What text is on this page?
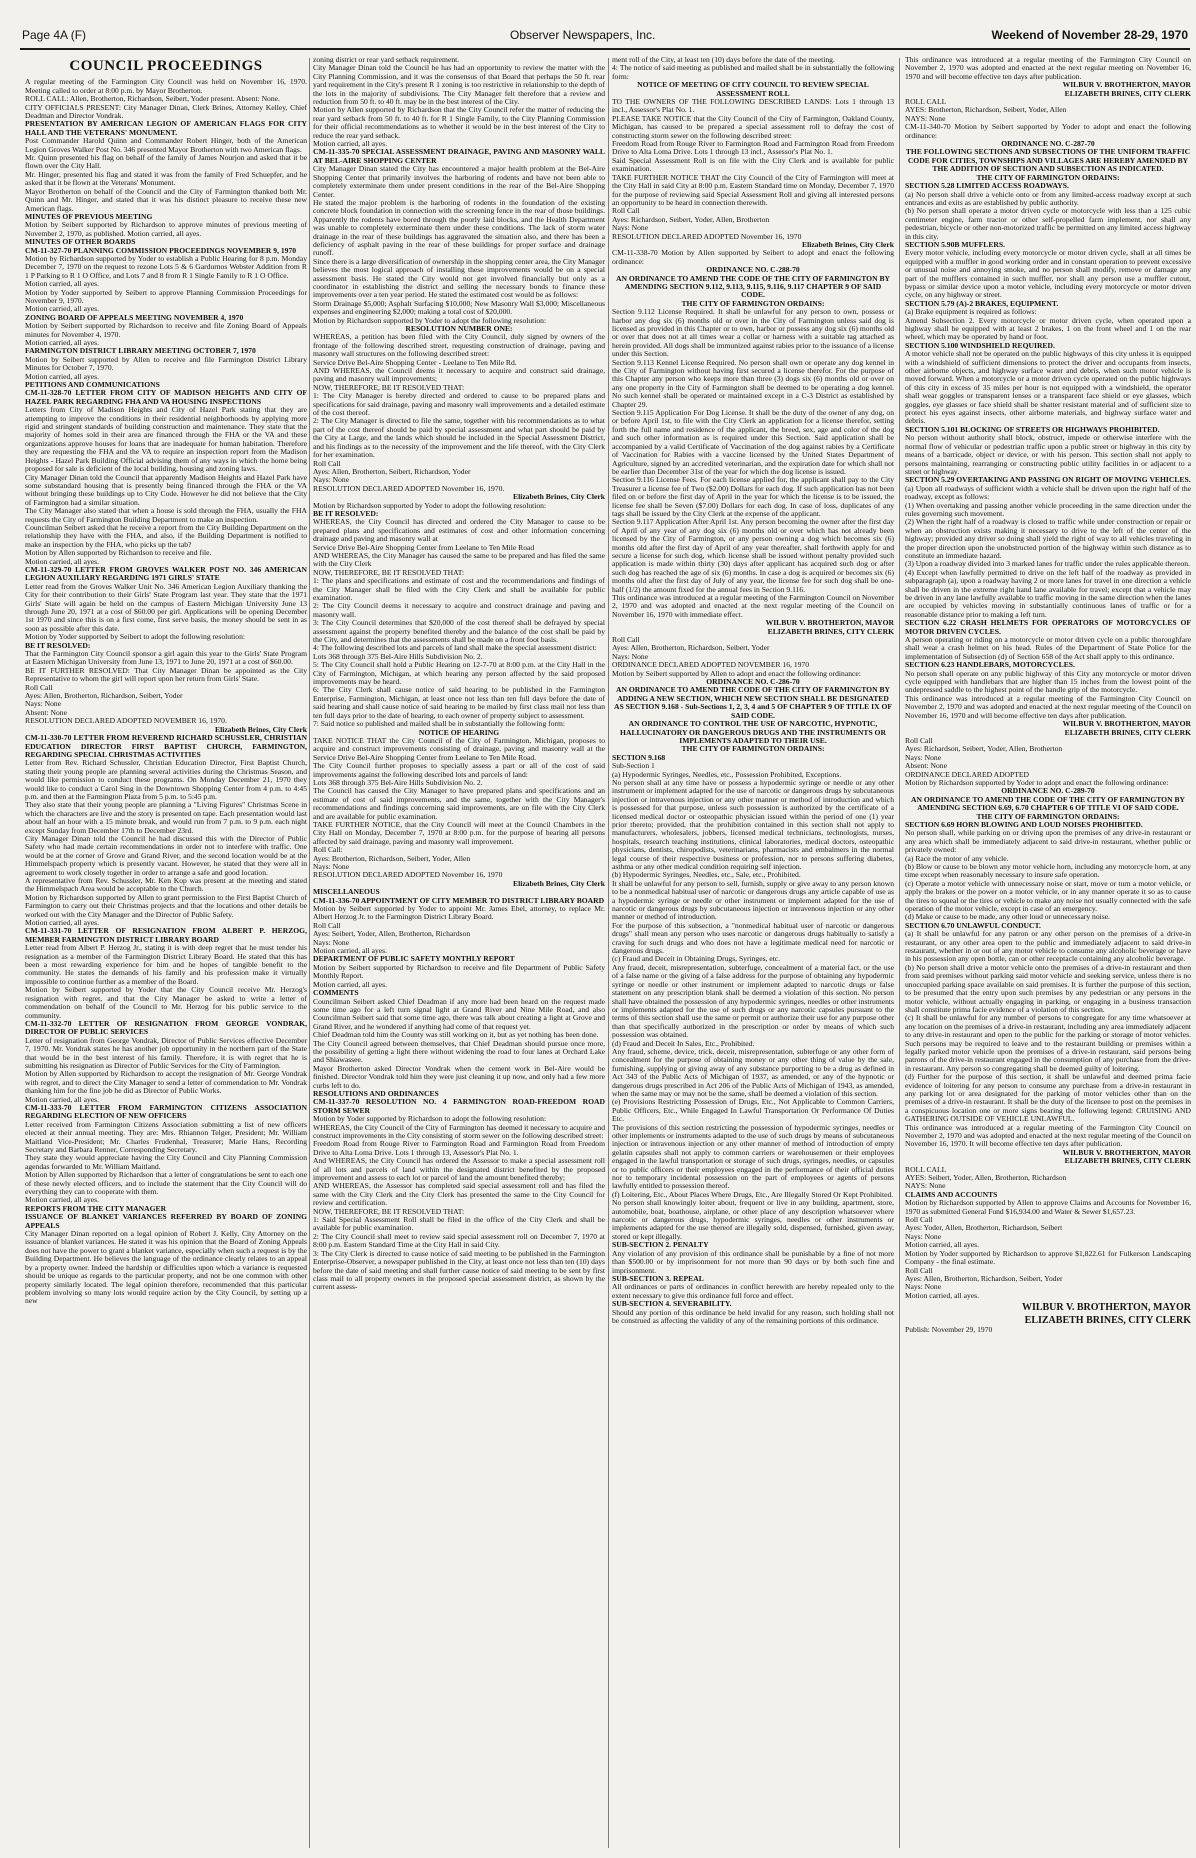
Page 4A (F)	Observer Newspapers, Inc.	Weekend of November 28-29, 1970
COUNCIL PROCEEDINGS

A regular meeting of the Farmington City Council was held on November 16, 1970. Meeting called to order at 8:00 p.m. by Mayor Brotherton.

ROLL CALL: Allen, Brotherton, Richardson, Seibert, Yoder present. Absent: None.

CITY OFFICIALS PRESENT: City Manager Dinan, Clerk Brines, Attorney Kelley, Chief Deadman and Director Vondrak.

PRESENTATION BY AMERICAN LEGION OF AMERICAN FLAGS FOR CITY HALL AND THE VETERANS' MONUMENT.

Post Commander Harold Quinn and Commander Robert Hinger, both of the American Legion Groves Walker Post No. 346 presented Mayor Brotherton with two American flags.

Mr. Quinn presented his flag on behalf of the family of James Nourjon and asked that it be flown over the City Hall.

Mr. Hinger, presented his flag and stated it was from the family of Fred Schuepfer, and he asked that it be flown at the Veterans' Monument.

Mayor Brotherton on behalf of the Council and the City of Farmington thanked both Mr. Quinn and Mr. Hinger, and stated that it was his distinct pleasure to receive these new American flags.

MINUTES OF PREVIOUS MEETING

Motion by Seibert supported by Richardson to approve minutes of previous meeting of November 2, 1970, as published. Motion carried, all ayes.

MINUTES OF OTHER BOARDS

CM-11-327-70 PLANNING COMMISSION PROCEEDINGS NOVEMBER 9, 1970

Motion by Richardson supported by Yoder to establish a Public Hearing for 8 p.m. Monday December 7, 1970 on the request to rezone Lots 5 & 6 Gardurnos Webster Addition from R 1 P Parking to R 1 O Office, and Lots 7 and 8 from R 1 Single Family to R 1 O Office.

Motion carried, all ayes.

Motion by Yoder supported by Seibert to approve Planning Commission Proceedings for November 9, 1970.

Motion carried, all ayes.

ZONING BOARD OF APPEALS MEETING NOVEMBER 4, 1970

Motion by Seibert supported by Richardson to receive and file Zoning Board of Appeals minutes for November 4, 1970.

Motion carried, all ayes.

FARMINGTON DISTRICT LIBRARY MEETING OCTOBER 7, 1970

Motion by Seibert supported by Allen to receive and file Farmington District Library Minutes for October 7, 1970.

Motion carried, all ayes.

PETITIONS AND COMMUNICATIONS

CM-11-328-70 LETTER FROM CITY OF MADISON HEIGHTS AND CITY OF HAZEL PARK REGARDING FHA AND VA HOUSING INSPECTIONS

Letters from City of Madison Heights and City of Hazel Park stating that they are attempting to improve the conditions in their residential neighborhoods by applying more rigid and stringent standards of building construction and maintenance. They state that the majority of homes sold in their area are financed through the FHA or the VA and these organizations approve houses for loans that are inadequate for human habitation. Therefore they are requesting the FHA and the VA to require an inspection report from the Madison Heights - Hazel Park Building Official advising them of any ways in which the home being proposed for sale is deficient of the local building, housing and zoning laws.

City Manager Dinan told the Council that apparently Madison Heights and Hazel Park have some substandard housing that is presently being financed through the FHA or the VA without bringing these buildings up to City Code. However he did not believe that the City of Farmington had a similar situation.

The City Manager also stated that when a house is sold through the FHA, usually the FHA requests the City of Farmington Building Department to make an inspection.

Councilman Seibert asked that he receive a report from the City Building Department on the relationship they have with the FHA, and also, if the Building Department is notified to make an inspection by the FHA, who picks up the tab?

Motion by Allen supported by Richardson to receive and file.

Motion carried, all ayes.

CM-11-329-70 LETTER FROM GROVES WALKER POST NO. 346 AMERICAN LEGION AUXILIARY REGARDING 1971 GIRLS' STATE

Letter read from the Groves Walker Unit No. 346 American Legion Auxiliary thanking the City for their contribution to their Girls' State Program last year. They state that the 1971 Girls' State will again be held on the campus of Eastern Michigan University June 13 through June 20, 1971 at a cost of $60.00 per girl. Applications will be opening December 1st 1970 and since this is on a first come, first serve basis, the money should be sent in as soon as possible after this date.

Motion by Yoder supported by Seibert to adopt the following resolution:

BE IT RESOLVED:

That the Farmington City Council sponsor a girl again this year to the Girls' State Program at Eastern Michigan University from June 13, 1971 to June 20, 1971 at a cost of $60.00.

BE IT FURTHER RESOLVED: That City Manager Dinan be appointed as the City Representative to whom the girl will report upon her return from Girls' State.

Roll Call

Ayes: Allen, Brotherton, Richardson, Seibert, Yoder

Nays: None

Absent: None

RESOLUTION DECLARED ADOPTED NOVEMBER 16, 1970.

Elizabeth Brines, City Clerk

CM-11-330-70 LETTER FROM REVEREND RICHARD SCHUSSLER, CHRISTIAN EDUCATION DIRECTOR FIRST BAPTIST CHURCH, FARMINGTON, REGARDING SPECIAL CHRISTMAS ACTIVITIES

Letter from Rev. Richard Schussler, Christian Education Director, First Baptist Church, stating their young people are planning several activities during the Christmas Season, and would like permission to conduct these programs. On Monday December 21, 1970 they would like to conduct a Carol Sing in the Downtown Shopping Center from 4 p.m. to 4:45 p.m. and then at the Farmington Plaza from 5 p.m. to 5:45 p.m.

They also state that their young people are planning a "Living Figures" Christmas Scene in which the characters are live and the story is presented on tape. Each presentation would last about half an hour with a 15 minute break, and would run from 7 p.m. to 9 p.m. each night except Sunday from December 17th to December 23rd.

City Manager Dinan told the Council he had discussed this with the Director of Public Safety who had made certain recommendations in order not to interfere with traffic. One would be at the corner of Grove and Grand River, and the second location would be at the Himmelspach property which is presently vacant. However, he stated that they were all in agreement to work closely together in order to arrange a safe and good location.

A representative from Rev. Schussler, Mr. Ken Kop was present at the meeting and stated the Himmelspach Area would be acceptable to the Church.

Motion by Richardson supported by Allen to grant permission to the First Baptist Church of Farmington to carry out their Christmas projects and that the locations and other details be worked out with the City Manager and the Director of Public Safety.

Motion carried, all ayes.

CM-11-331-70 LETTER OF RESIGNATION FROM ALBERT P. HERZOG, MEMBER FARMINGTON DISTRICT LIBRARY BOARD

Letter read from Albert P. Herzog Jr., stating it is with deep regret that he must tender his resignation as a member of the Farmington District Library Board. He stated that this has been a most rewarding experience for him and he hopes of tangible benefit to the community. He states the demands of his family and his profession make it virtually impossible to continue further as a member of the Board.

Motion by Seibert supported by Yoder that the City Council receive Mr. Herzog's resignation with regret, and that the City Manager be asked to write a letter of commendation on behalf of the Council to Mr. Herzog for his public service to the community.

CM-11-332-70 LETTER OF RESIGNATION FROM GEORGE VONDRAK, DIRECTOR OF PUBLIC SERVICES

Letter of resignation from George Vondrak, Director of Public Services effective December 7, 1970. Mr. Vondrak states he has another job opportunity in the northern part of the State that would be in the best interest of his family. Therefore, it is with regret that he is submitting his resignation as Director of Public Services for the City of Farmington.

Motion by Allen supported by Richardson to accept the resignation of Mr. George Vondrak with regret, and to direct the City Manager to send a letter of commendation to Mr. Vondrak thanking him for the fine job he did as Director of Public Works.

Motion carried, all ayes.

CM-11-333-70 LETTER FROM FARMINGTON CITIZENS ASSOCIATION REGARDING ELECTION OF NEW OFFICERS

Letter received from Farmington Citizens Association submitting a list of new officers elected at their annual meeting. They are: Mrs. Rhiannon Telger, President; Mr. William Maitland Vice-President; Mr. Charles Frudenhal, Treasurer; Marie Hans, Recording Secretary and Barbara Renner, Corresponding Secretary.

They state they would appreciate having the City Council and City Planning Commission agendas forwarded to Mr. William Maitland.

Motion by Allen supported by Richardson that a letter of congratulations be sent to each one of these newly elected officers, and to include the statement that the City Council will do everything they can to cooperate with them.

Motion carried, all ayes.

REPORTS FROM THE CITY MANAGER

ISSUANCE OF BLANKET VARIANCES REFERRED BY BOARD OF ZONING APPEALS

City Manager Dinan reported on a legal opinion of Robert J. Kelly, City Attorney on the issuance of blanket variances. He stated it was his opinion that the Board of Zoning Appeals does not have the power to grant a blanket variance, especially when such a request is by the Building Department. He believes the language of the ordinance clearly relates to an appeal by a property owner. Indeed the hardship or difficulties upon which a variance is requested should be unique as regards to the particular property, and not be one common with other property similarly located. The legal opinion therefore, recommended that this particular problem involving so many lots would require action by the City Council, by setting up a new

zoning district or rear yard setback requirement.

City Manager Dinan told the Council he has had an opportunity to review the matter with the City Planning Commission, and it was the consensus of that Board that perhaps the 50 ft. rear yard requirement in the City's present R 1 zoning is too restrictive in relationship to the depth of the lots in the majority of subdivisions. The City Manager felt therefore that a review and reduction from 50 ft. to 40 ft. may be in the best interest of the City.

Motion by Allen supported by Richardson that the City Council refer the matter of reducing the rear yard setback from 50 ft. to 40 ft. for R 1 Single Family, to the City Planning Commission for their official recommendations as to whether it would be in the best interest of the City to reduce the rear yard setback.

Motion carried, all ayes.

CM-11-335-70 SPECIAL ASSESSMENT DRAINAGE, PAVING AND MASONRY WALL AT BEL-AIRE SHOPPING CENTER

City Manager Dinan stated the City has encountered a major health problem at the Bel-Aire Shopping Center that primarily involves the harboring of rodents and have not been able to completely exterminate them under present conditions in the rear of the Bel-Aire Shopping Center.

He stated the major problem is the harboring of rodents in the foundation of the existing concrete block foundation in connection with the screening fence in the rear of those buildings. Apparently the rodents have bored through the poorly laid blocks, and the Health Department was unable to completely exterminate them under these conditions. The lack of storm water drainage in the rear of these buildings has aggravated the situation also, and there has been a deficiency of asphalt paving in the rear of these buildings for proper surface and drainage runoff.

Since there is a large diversification of ownership in the shopping center area, the City Manager believes the most logical approach of installing these improvements would be on a special assessment basis. He stated the City would not get involved financially but only as a coordinator in establishing the district and selling the necessary bonds to finance these improvements over a ten year period. He stated the estimated cost would be as follows:

Storm Drainage $5,000; Asphalt Surfacing $10,000; New Masonry Wall $3,000; Miscellaneous expenses and engineering $2,000; making a total cost of $20,000.

Motion by Richardson supported by Yoder to adopt the following resolution:

RESOLUTION NUMBER ONE:

WHEREAS, a petition has been filed with the City Council, duly signed by owners of the frontage of the following described street, requesting construction of drainage, paving and masonry wall structures on the following described street:

Service Drive Bel-Aire Shopping Center - Leelane to Ten Mile Rd.

AND WHEREAS, the Council deems it necessary to acquire and construct said drainage, paving and masonry wall improvements;

NOW, THEREFORE, BE IT RESOLVED THAT:

1: The City Manager is hereby directed and ordered to cause to be prepared plans and specifications for said drainage, paving and masonry wall improvements and a detailed estimate of the cost thereof.

2: The City Manager is directed to file the same, together with his recommendations as to what part of the cost thereof should be paid by special assessment and what part should be paid by the City at Large, and the lands which should be included in the Special Assessment District, and his findings as to the necessity of the improvement and the life thereof, with the City Clerk for her examination.

Roll Call

Ayes: Allen, Brotherton, Seibert, Richardson, Yoder

Nays: None

RESOLUTION DECLARED ADOPTED November 16, 1970.

Elizabeth Brines, City Clerk

Motion by Richardson supported by Yoder to adopt the following resolution:

BE IT RESOLVED:

WHEREAS, the City Council has directed and ordered the City Manager to cause to be prepared plans and specifications and estimates of cost and other information concerning drainage and paving and masonry wall at

Service Drive Bel-Aire Shopping Center from Leelane to Ten Mile Road

AND WHEREAS, the City Manager has caused the same to be prepared and has filed the same with the City Clerk

NOW, THEREFORE, BE IT RESOLVED THAT:

1: The plans and specifications and estimate of cost and the recommendations and findings of the City Manager shall be filed with the City Clerk and shall be available for public examination.

2: The City Council deems it necessary to acquire and construct drainage and paving and masonry wall.

3: The City Council determines that $20,000 of the cost thereof shall be defrayed by special assessment against the property benefited thereby and the balance of the cost shall be paid by the City, and determines that the assessments shall be made on a front foot basis.

4: The following described lots and parcels of land shall make the special assessment district:

Lots 368 through 375 Bel-Aire Hills Subdivision No. 2.

5: The City Council shall hold a Public Hearing on 12-7-70 at 8:00 p.m. at the City Hall in the City of Farmington, Michigan, at which hearing any person affected by the said proposed improvements may be heard.

6: The City Clerk shall cause notice of said hearing to be published in the Farmington Enterprise, Farmington, Michigan, at least once not less than ten full days before the date of said hearing and shall cause notice of said hearing to be mailed by first class mail not less than ten full days prior to the date of hearing, to each owner of property subject to assessment.

7: Said notice so published and mailed shall be in substantially the following form:

NOTICE OF HEARING

TAKE NOTICE THAT the City Council of the City of Farmington, Michigan, proposes to acquire and construct improvements consisting of drainage, paving and masonry wall at the Service Drive Bel-Aire Shopping Center from Leelane to Ten Mile Road.

The City Council further proposes to specially assess a part or all of the cost of said improvements against the following described lots and parcels of land:

Lots 368 through 375 Bel-Aire Hills Subdivision No. 2.

The Council has caused the City Manager to have prepared plans and specifications and an estimate of cost of said improvements, and the same, together with the City Manager's recommendations and findings concerning said improvements, are on file with the City Clerk and are available for public examination.

TAKE FURTHER NOTICE, that the City Council will meet at the Council Chambers in the City Hall on Monday, December 7, 1970 at 8:00 p.m. for the purpose of hearing all persons affected by said drainage, paving and masonry wall improvement.

Roll Call:

Ayes: Brotherton, Richardson, Seibert, Yoder, Allen

Nays: None

RESOLUTION DECLARED ADOPTED November 16, 1970

Elizabeth Brines, City Clerk

MISCELLANEOUS

CM-11-336-70 APPOINTMENT OF CITY MEMBER TO DISTRICT LIBRARY BOARD

Motion by Seibert supported by Yoder to appoint Mr. James Ebel, attorney, to replace Mr. Albert Herzog Jr. to the Farmington District Library Board.

Roll Call

Ayes: Seibert, Yoder, Allen, Brotherton, Richardson

Nays: None

Motion carried, all ayes.

DEPARTMENT OF PUBLIC SAFETY MONTHLY REPORT

Motion by Seibert supported by Richardson to receive and file Department of Public Safety Monthly Report.

Motion carried, all ayes.

COMMENTS

Councilman Seibert asked Chief Deadman if any more had been heard on the request made some time ago for a left turn signal light at Grand River and Nine Mile Road, and also Councilman Seibert said that some time ago, there was talk about creating a light at Grove and Grand River, and he wondered if anything had come of that request yet.

Chief Deadman told him the County was still working on it, but as yet nothing has been done.

The City Council agreed between themselves, that Chief Deadman should pursue once more, the possibility of getting a light there without widening the road to four lanes at Orchard Lake and Shiawassee.

Mayor Brotherton asked Director Vondrak when the cement work in Bel-Aire would be finished. Director Vondrak told him they were just cleaning it up now, and only had a few more curbs left to do.

RESOLUTIONS AND ORDINANCES

CM-11-337-70 RESOLUTION NO. 4 FARMINGTON ROAD-FREEDOM ROAD STORM SEWER

Motion by Yoder supported by Richardson to adopt the following resolution:

WHEREAS, the City Council of the City of Farmington has deemed it necessary to acquire and construct improvements in the City consisting of storm sewer on the following described street:

Freedom Road from Rouge River to Farmington Road and Farmington Road from Freedom Drive to Alta Loma Drive. Lots 1 through 13, Assessor's Plat No. 1.

And WHEREAS, the City Council has ordered the Assessor to make a special assessment roll of all lots and parcels of land within the designated district benefited by the proposed improvement and assess to each lot or parcel of land the amount benefited thereby;

AND WHEREAS, the Assessor has completed said special assessment roll and has filed the same with the City Clerk and the City Clerk has presented the same to the City Council for review and certification.

NOW, THEREFORE, BE IT RESOLVED THAT:

1: Said Special Assessment Roll shall be filed in the office of the City Clerk and shall be available for public examination.

2: The City Council shall meet to review said special assessment roll on December 7, 1970 at 8:00 p.m. Eastern Standard Time at the City Hall in said City.

3: The City Clerk is directed to cause notice of said meeting to be published in the Farmington Enterprise-Observer, a newspaper published in the City, at least once not less than ten (10) days before the date of said meeting and shall further cause notice of said meeting to be sent by first class mail to all property owners in the proposed special assessment district, as shown by the current assess-

ment roll of the City, at least ten (10) days before the date of the meeting.

4: The notice of said meeting as published and mailed shall be in substantially the following form:

NOTICE OF MEETING OF CITY COUNCIL TO REVIEW SPECIAL ASSESSMENT ROLL

TO THE OWNERS OF THE FOLLOWING DESCRIBED LANDS: Lots 1 through 13 incl., Assessor's Plat No. 1.

PLEASE TAKE NOTICE that the City Council of the City of Farmington, Oakland County, Michigan, has caused to be prepared a special assessment roll to defray the cost of constructing storm sewer on the following described street:

Freedom Road from Rouge River to Farmington Road and Farmington Road from Freedom Drive to Alta Loma Drive. Lots 1 through 13 incl., Assessor's Plat No. 1.

Said Special Assessment Roll is on file with the City Clerk and is available for public examination.

TAKE FURTHER NOTICE THAT the City Council of the City of Farmington will meet at the City Hall in said City at 8:00 p.m. Eastern Standard time on Monday, December 7, 1970 for the purpose of reviewing said Special Assessment Roll and giving all interested persons an opportunity to be heard in connection therewith.

Roll Call

Ayes: Richardson, Seibert, Yoder, Allen, Brotherton

Nays: None

RESOLUTION DECLARED ADOPTED November 16, 1970

Elizabeth Brines, City Clerk

CM-11-338-70 Motion by Allen supported by Seibert to adopt and enact the following ordinance:

ORDINANCE NO. C-288-70

AN ORDINANCE TO AMEND THE CODE OF THE CITY OF FARMINGTON BY AMENDING SECTION 9.112, 9.113, 9.115, 9.116, 9.117 CHAPTER 9 OF SAID CODE.

THE CITY OF FARMINGTON ORDAINS:

Section 9.112 License Required. It shall be unlawful for any person to own, possess or harbor any dog six (6) months old or over in the City of Farmington unless said dog is licensed as provided in this Chapter or to own, harbor or possess any dog six (6) months old or over that does not at all times wear a collar or harness with a suitable tag attached as herein provided. All dogs shall be immunized against rabies prior to the issuance of a license under this Section.

Section 9.113 Kennel License Required. No person shall own or operate any dog kennel in the City of Farmington without having first secured a license therefor. For the purpose of this Chapter any person who keeps more than three (3) dogs six (6) months old or over on any one property in the City of Farmington shall be deemed to be operating a dog kennel. No such kennel shall be operated or maintained except in a C-3 District as established by Chapter 29.

Section 9.115 Application For Dog License. It shall be the duty of the owner of any dog, on or before April 1st, to file with the City Clerk an application for a license therefor, setting forth the full name and residence of the applicant, the breed, sex, age and color of the dog and such other information as is required under this Section. Said application shall be accompanied by a valid Certificate of Vaccination of the dog against rabies by a Certificate of Vaccination for Rabies with a vaccine licensed by the United States Department of Agriculture, signed by an accredited veterinarian, and the expiration date for which shall not be earlier than December 31st of the year for which the dog license is issued.

Section 9.116 License Fees. For each license applied for, the applicant shall pay to the City Treasurer a license fee of Two ($2.00) Dollars for each dog. If such application has not been filed on or before the first day of April in the year for which the license is to be issued, the license fee shall be Seven ($7.00) Dollars for each dog. In case of loss, duplicates of any tags shall be issued by the City Clerk at the expense of the applicant.

Section 9.117 Application After April 1st. Any person becoming the owner after the first day of April of any year of any dog six (6) months old or over which has not already been licensed by the City of Farmington, or any person owning a dog which becomes six (6) months old after the first day of April of any year thereafter, shall forthwith apply for and secure a license for such dog, which license shall be issued without penalty provided such application is made within thirty (30) days after applicant has acquired such dog or after such dog has reached the age of six (6) months. In case a dog is acquired or becomes six (6) months old after the first day of July of any year, the license fee for such dog shall be one-half (1/2) the amount fixed for the annual fees in Section 9.116.

This ordinance was introduced at a regular meeting of the Farmington Council on November 2, 1970 and was adopted and enacted at the next regular meeting of the Council on November 16, 1970 with immediate effect.

WILBUR V. BROTHERTON, MAYOR

ELIZABETH BRINES, CITY CLERK

Roll Call

Ayes: Allen, Brotherton, Richardson, Seibert, Yoder

Nays: None

ORDINANCE DECLARED ADOPTED NOVEMBER 16, 1970

Motion by Seibert supported by Allen to adopt and enact the following ordinance:

ORDINANCE NO. C-286-70

AN ORDINANCE TO AMEND THE CODE OF THE CITY OF FARMINGTON BY ADDING A NEW SECTION, WHICH NEW SECTION SHALL BE DESIGNATED AS SECTION 9.168 - Sub-Sections 1, 2, 3, 4 and 5 OF CHAPTER 9 OF TITLE IX OF SAID CODE.

AN ORDINANCE TO CONTROL THE USE OF NARCOTIC, HYPNOTIC, HALLUCINATORY OR DANGEROUS DRUGS AND THE INSTRUMENTS OR IMPLEMENTS ADAPTED TO THEIR USE.

THE CITY OF FARMINGTON ORDAINS:

SECTION 9.168

Sub-Section 1

(a) Hypodermic Syringes, Needles, etc., Possession Prohibited, Exceptions.

No person shall at any time have or possess a hypodermic syringe or needle or any other instrument or implement adapted for the use of narcotic or dangerous drugs by subcutaneous injection or intravenous injection or any other manner or method of introduction and which is possessed for that purpose, unless such possession is authorized by the certificate of a licensed medical doctor or osteopathic physician issued within the period of one (1) year prior thereto; provided, that the prohibition contained in this section shall not apply to manufacturers, wholesalers, jobbers, licensed medical technicians, technologists, nurses, hospitals, research teaching institutions, clinical laboratories, medical doctors, osteopathic physicians, dentists, chiropodists, veterinarians, pharmacists and embalmers in the normal legal course of their respective business or profession, nor to persons suffering diabetes, asthma or any other medical condition requiring self injection.

(b) Hypodermic Syringes, Needles, etc., Sale, etc., Prohibited.

It shall be unlawful for any person to sell, furnish, supply or give away to any person known to be a nonmedical habitual user of narcotic or dangerous drugs any article capable of use as a hypodermic syringe or needle or other instrument or implement adapted for the use of narcotic or dangerous drugs by subcutaneous injection or intravenous injection or any other manner or method of introduction.

For the purpose of this subsection, a "nonmedical habitual user of narcotic or dangerous drugs" shall mean any person who uses narcotic or dangerous drugs habitually to satisfy a craving for such drugs and who does not have a legitimate medical need for narcotic or dangerous drugs.

(c) Fraud and Deceit in Obtaining Drugs, Syringes, etc.

Any fraud, deceit, misrepresentation, subterfuge, concealment of a material fact, or the use of a false name or the giving of a false address for the purpose of obtaining any hypodermic syringe or needle or other instrument or implement adapted to narcotic drugs or false statement on any prescription blank shall be deemed a violation of this section. No person shall have obtained the possession of any hypodermic syringes, needles or other instruments or implements adapted for the use of such drugs or any narcotic capsules pursuant to the terms of this section shall use the same or permit or authorize their use for any purpose other than that specifically authorized in the prescription or order by means of which such possession was obtained.

(d) Fraud and Deceit In Sales, Etc., Prohibited.

Any fraud, scheme, device, trick, deceit, misrepresentation, subterfuge or any other form of concealment for the purpose of obtaining money or any other thing of value by the sale, furnishing, supplying or giving away of any substance purporting to be a drug as defined in Act 343 of the Public Acts of Michigan of 1937, as amended, or any of the hypnotic or dangerous drugs prescribed in Act 206 of the Public Acts of Michigan of 1943, as amended, when the same may or may not be the same, shall be deemed a violation of this section.

(e) Provisions Restricting Possession of Drugs, Etc., Not Applicable to Common Carriers, Public Officers, Etc., While Engaged In Lawful Transportation Or Performance Of Duties Etc.

The provisions of this section restricting the possession of hypodermic syringes, needles or other implements or instruments adapted to the use of such drugs by means of subcutaneous injection or intravenous injection or any other manner of method of introduction of empty gelatin capsules shall not apply to common carriers or warehousemen or their employees engaged in the lawful transportation or storage of such drugs, syringes, needles, or capsules or to public officers or their employees engaged in the performance of their official duties nor to temporary incidental possession on the part of employees or agents of persons lawfully entitled to possession thereof.

(f) Loitering, Etc., About Places Where Drugs, Etc., Are Illegally Stored Or Kept Prohibited.

No person shall knowingly loiter about, frequent or live in any building, apartment, store, automobile, boat, boathouse, airplane, or other place of any description whatsoever where narcotic or dangerous drugs, hypodermic syringes, needles or other instruments or implements adapted for the use thereof are illegally sold, dispensed, furnished, given away, stored or kept illegally.

SUB-SECTION 2. PENALTY

Any violation of any provision of this ordinance shall be punishable by a fine of not more than $500.00 or by imprisonment for not more than 90 days or by both such fine and imprisonment.

SUB-SECTION 3. REPEAL

All ordinances or parts of ordinances in conflict herewith are hereby repealed only to the extent necessary to give this ordinance full force and effect.

SUB-SECTION 4. SEVERABILITY.

Should any portion of this ordinance be held invalid for any reason, such holding shall not be construed as affecting the validity of any of the remaining portions of this ordinance.

This ordinance was introduced at a regular meeting of the Farmington City Council on November 2, 1970 was adopted and enacted at the next regular meeting on November 16, 1970 and will become effective ten days after publication.

WILBUR V. BROTHERTON, MAYOR

ELIZABETH BRINES, CITY CLERK

ROLL CALL

AYES: Brotherton, Richardson, Seibert, Yoder, Allen

NAYS: None

CM-11-340-70 Motion by Seibert supported by Yoder to adopt and enact the following ordinance:

ORDINANCE NO. C-287-70

THE FOLLOWING SECTIONS AND SUBSECTIONS OF THE UNIFORM TRAFFIC CODE FOR CITIES, TOWNSHIPS AND VILLAGES ARE HEREBY AMENDED BY THE ADDITION OF SECTION AND SUBSECTION AS INDICATED.

THE CITY OF FARMINGTON ORDAINS:

SECTION 5.28 LIMITED ACCESS ROADWAYS.

(a) No person shall drive a vehicle onto or from any limited-access roadway except at such entrances and exits as are established by public authority.

(b) No person shall operate a motor driven cycle or motorcycle with less than a 125 cubic centimeter engine, farm tractor or other self-propelled farm implement, nor shall any pedestrian, bicycle or other non-motorized traffic be permitted on any limited access highway in this city.

SECTION 5.90B MUFFLERS.

Every motor vehicle, including every motorcycle or motor driven cycle, shall at all times be equipped with a muffler in good working order and in constant operation to prevent excessive or unusual noise and annoying smoke, and no person shall modify, remove or damage any part of the mufflers contained in such muffler, nor shall any person use a muffler cutout, bypass or similar device upon a motor vehicle, including every motorcycle or motor driven cycle, on any highway or street.

SECTION 5.79 (A)-2 BRAKES, EQUIPMENT.

(a) Brake equipment is required as follows:

Amend Subsection 2. Every motorcycle or motor driven cycle, when operated upon a highway shall be equipped with at least 2 brakes, 1 on the front wheel and 1 on the rear wheel, which may be operated by hand or foot.

SECTION 5.100 WINDSHIELD REQUIRED.

A motor vehicle shall not be operated on the public highways of this city unless it is equipped with a windshield of sufficient dimensions to protect the driver and occupants from insects, other airborne objects, and highway surface water and debris, when such motor vehicle is moved forward. When a motorcycle or a motor driven cycle operated on the public highways of this city in excess of 35 miles per hour is not equipped with a windshield, the operator shall wear goggles or transparent lenses or a transparent face shield or eye glasses, which goggles, eye glasses or face shield shall be shatter resistant material and of sufficient size to protect his eyes against insects, other airborne materials, and highway surface water and debris.

SECTION 5.101 BLOCKING OF STREETS OR HIGHWAYS PROHIBITED.

No person without authority shall block, obstruct, impede or otherwise interfere with the normal flow of vehicular or pedestrian traffic upon a public street or highway in this city by means of a barricade, object or device, or with his person. This section shall not apply to persons maintaining, rearranging or constructing public utility facilities in or adjacent to a street or highway.

SECTION 5.29 OVERTAKING AND PASSING ON RIGHT OF MOVING VEHICLES.

(a) Upon all roadways of sufficient width a vehicle shall be driven upon the right half of the roadway, except as follows:

(1) When overtaking and passing another vehicle proceeding in the same direction under the rules governing such movement.

(2) When the right half of a roadway is closed to traffic while under construction or repair or when an obstruction exists making it necessary to drive to the left of the center of the highway; provided any driver so doing shall yield the right of way to all vehicles traveling in the proper direction upon the unobstructed portion of the highway within such distance as to constitute an immediate hazard.

(3) Upon a roadway divided into 3 marked lanes for traffic under the rules applicable thereon.

(4) Except when lawfully permitted to drive on the left half of the roadway as provided in subparagraph (a), upon a roadway having 2 or more lanes for travel in one direction a vehicle shall be driven in the extreme right hand lane available for travel; except that a vehicle may be driven in any lane lawfully available to traffic moving in the same direction when the lanes are occupied by vehicles moving in substantially continuous lanes of traffic or for a reasonable distance prior to making a left turn.

SECTION 6.22 CRASH HELMETS FOR OPERATORS OF MOTORCYCLES OF MOTOR DRIVEN CYCLES.

A person operating or riding on a motorcycle or motor driven cycle on a public thoroughfare shall wear a crash helmet on his head. Rules of the Department of State Police for the implementation of Subsection (d) of Section 658 of the Act shall apply to this ordinance.

SECTION 6.23 HANDLEBARS, MOTORCYCLES.

No person shall operate on any public highway of this City any motorcycle or motor driven cycle equipped with handlebars that are higher than 15 inches from the lowest point of the undepressed saddle to the highest point of the handle grip of the motorcycle.

This ordinance was introduced at a regular meeting of the Farmington City Council on November 2, 1970 and was adopted and enacted at the next regular meeting of the Council on November 16, 1970 and will become effective ten days after publication.

WILBUR V. BROTHERTON, MAYOR

ELIZABETH BRINES, CITY CLERK

Roll Call

Ayes: Richardson, Seibert, Yoder, Allen, Brotherton

Nays: None

Absent: None

ORDINANCE DECLARED ADOPTED

Motion by Richardson supported by Yoder to adopt and enact the following ordinance:

ORDINANCE NO. C-289-70

AN ORDINANCE TO AMEND THE CODE OF THE CITY OF FARMINGTON BY AMENDING SECTION 6.69, 6.70 CHAPTER 6 OF TITLE VI OF SAID CODE.

THE CITY OF FARMINGTON ORDAINS:

SECTION 6.69 HORN BLOWING AND LOUD NOISES PROHIBITED.

No person shall, while parking on or driving upon the premises of any drive-in restaurant or any area which shall be immediately adjacent to said drive-in restaurant, whether public or privately owned:

(a) Race the motor of any vehicle.

(b) Blow or cause to be blown any motor vehicle horn, including any motorcycle horn, at any time except when reasonably necessary to insure safe operation.

(c) Operate a motor vehicle with unnecessary noise or start, move or turn a motor vehicle, or apply the brakes or the power on a motor vehicle, or in any manner operate it so as to cause the tires to squeal or the tires or vehicle to make any noise not usually connected with the safe operation of the motor vehicle, except in case of an emergency.

(d) Make or cause to be made, any other loud or unnecessary noise.

SECTION 6.70 UNLAWFUL CONDUCT.

(a) It shall be unlawful for any patron or any other person on the premises of a drive-in restaurant, or any other area open to the public and immediately adjacent to said drive-in restaurant, whether in or out of any motor vehicle to consume any alcoholic beverage or have in his possession any open bottle, can or other receptacle containing any alcoholic beverage.

(b) No person shall drive a motor vehicle onto the premises of a drive-in restaurant and then from said premises without parking said motor vehicle and seeking service, unless there is no unoccupied parking space available on said premises. It is further the purpose of this section, to be presumed that the entry upon such premises by any pedestrian or any persons in the motor vehicle, without actually engaging in parking, or engaging in a business transaction shall constitute prima facie evidence of a violation of this section.

(c) It shall be unlawful for any number of persons to congregate for any time whatsoever at any location on the premises of a drive-in restaurant, including any area immediately adjacent to any drive-in restaurant and open to the public for the parking or storage of motor vehicles. Such persons may be required to leave and to the restaurant building or premises within a legally parked motor vehicle upon the premises of a drive-in restaurant, said persons being patrons of the drive-in restaurant engaged in the consumption of any purchase from the drive-in restaurant. Any person so congregating shall be deemed guilty of loitering.

(d) Further for the purpose of this section, it shall be unlawful and deemed prima facie evidence of loitering for any person to consume any purchase from a drive-in restaurant in any parking lot or area designated for the parking of motor vehicles other than on the premises of a drive-in restaurant. It shall be the duty of the licensee to post on the premises in a conspicuous location one or more signs bearing the following legend: CRUISING AND GATHERING OUTSIDE OF VEHICLE UNLAWFUL.

This ordinance was introduced at a regular meeting of the Farmington City Council on November 2, 1970 and was adopted and enacted at the next regular meeting of the Council on November 16, 1970. It will become effective ten days after publication.

WILBUR V. BROTHERTON, MAYOR

ELIZABETH BRINES, CITY CLERK

ROLL CALL

AYES: Seibert, Yoder, Allen, Brotherton, Richardson

NAYS: None

CLAIMS AND ACCOUNTS

Motion by Richardson supported by Allen to approve Claims and Accounts for November 16, 1970 as submitted General Fund $16,934.00 and Water & Sewer $1,657.23.

Roll Call

Ayes: Yoder, Allen, Brotherton, Richardson, Seibert

Nays: None

Motion carried, all ayes.

Motion by Yoder supported by Richardson to approve $1,822.61 for Fulkerson Landscaping Company - the final estimate.

Roll Call

Ayes: Allen, Brotherton, Richardson, Seibert, Yoder

Nays: None

Motion carried, all ayes.

WILBUR V. BROTHERTON, MAYOR

ELIZABETH BRINES, CITY CLERK

Publish: November 29, 1970
